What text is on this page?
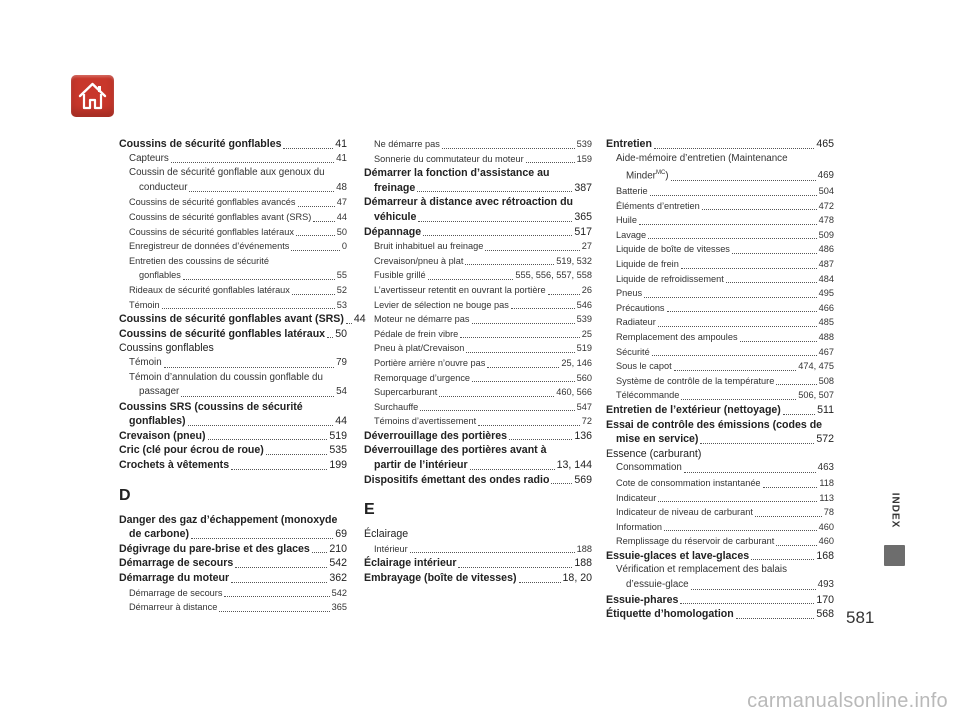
Coussins de sécurité gonflables	41
Capteurs	41
Coussin de sécurité gonflable aux genoux du
conducteur	48
Coussins de sécurité gonflables avancés	47
Coussins de sécurité gonflables avant (SRS)	44
Coussins de sécurité gonflables latéraux	50
Enregistreur de données d’événements	0
Entretien des coussins de sécurité
gonflables	55
Rideaux de sécurité gonflables latéraux	52
Témoin	53
Coussins de sécurité gonflables avant (SRS) 44
Coussins de sécurité gonflables latéraux 50
Coussins gonflables
Témoin	79
Témoin d’annulation du coussin gonflable du
passager	54
Coussins SRS (coussins de sécurité
gonflables)	44
Crevaison (pneu)	519
Cric (clé pour écrou de roue)	535
Crochets à vêtements	199
D
Danger des gaz d’échappement (monoxyde
de carbone)	69
Dégivrage du pare-brise et des glaces 210
Démarrage de secours	542
Démarrage du moteur	362
Démarrage de secours	542
Démarreur à distance	365
Ne démarre pas	539
Sonnerie du commutateur du moteur	159
Démarrer la fonction d’assistance au
freinage	387
Démarreur à distance avec rétroaction du
véhicule	365
Dépannage	517
Bruit inhabituel au freinage	27
Crevaison/pneu à plat	519, 532
Fusible grillé	555, 556, 557, 558
L’avertisseur retentit en ouvrant la portière	26
Levier de sélection ne bouge pas	546
Moteur ne démarre pas	539
Pédale de frein vibre	25
Pneu à plat/Crevaison	519
Portière arrière n’ouvre pas	25, 146
Remorquage d’urgence	560
Supercarburant	460, 566
Surchauffe	547
Témoins d’avertissement	72
Déverrouillage des portières	136
Déverrouillage des portières avant à
partir de l’intérieur	13, 144
Dispositifs émettant des ondes radio 569
E
Éclairage
Intérieur	188
Éclairage intérieur	188
Embrayage (boîte de vitesses)	18, 20
Entretien	465
Aide-mémoire d’entretien (Maintenance
Minder$^{MC}$)	469
Batterie	504
Éléments d’entretien	472
Huile	478
Lavage	509
Liquide de boîte de vitesses	486
Liquide de frein	487
Liquide de refroidissement	484
Pneus	495
Précautions	466
Radiateur	485
Remplacement des ampoules	488
Sécurité	467
Sous le capot	474, 475
Système de contrôle de la température	508
Télécommande	506, 507
Entretien de l’extérieur (nettoyage)	511
Essai de contrôle des émissions (codes de
mise en service)	572
Essence (carburant)
Consommation	463
Cote de consommation instantanée	118
Indicateur	113
Indicateur de niveau de carburant	78
Information	460
Remplissage du réservoir de carburant	460
Essuie-glaces et lave-glaces	168
Vérification et remplacement des balais
d’essuie-glace	493
Essuie-phares	170
Étiquette d’homologation	568
INDEX
581
carmanualsonline.info
